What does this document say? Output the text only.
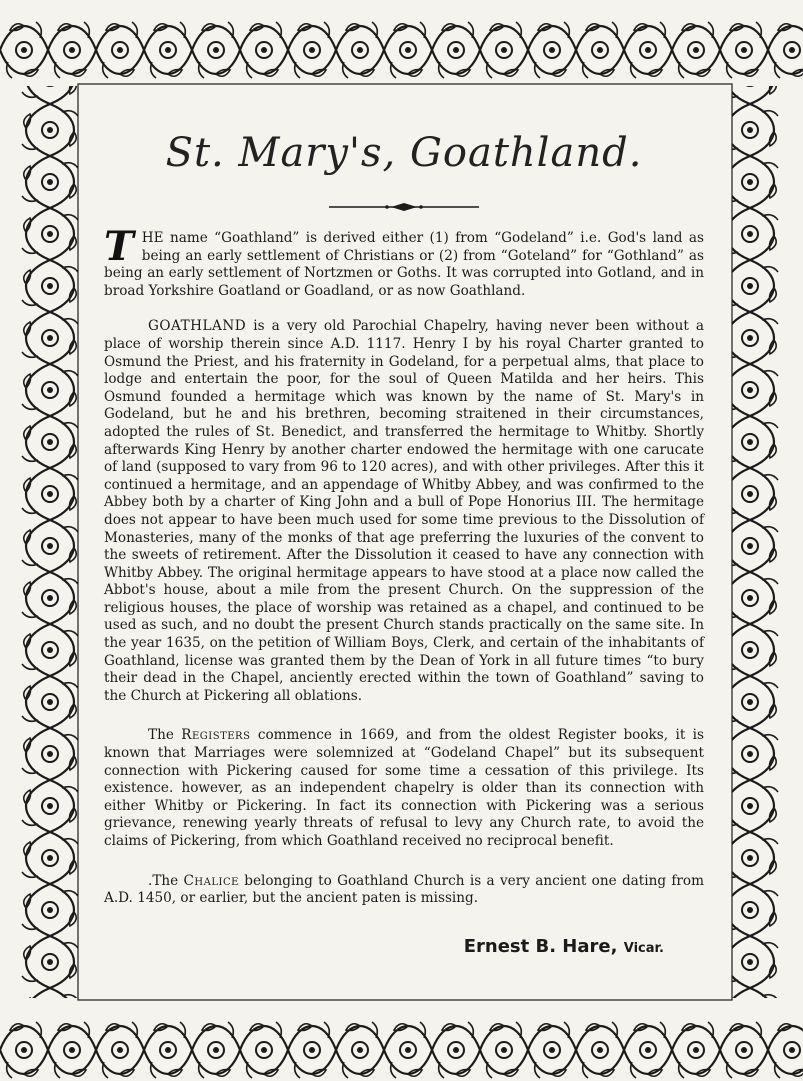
St. Mary's, Goathland.

THE name “Goathland” is derived either (1) from “Godeland” i.e. God's land as being an early settlement of Christians or (2) from “Goteland” for “Gothland” as being an early settlement of Nortzmen or Goths. It was corrupted into Gotland, and in broad Yorkshire Goatland or Goadland, or as now Goathland.

GOATHLAND is a very old Parochial Chapelry, having never been without a place of worship therein since A.D. 1117. Henry I by his royal Charter granted to Osmund the Priest, and his fraternity in Godeland, for a perpetual alms, that place to lodge and entertain the poor, for the soul of Queen Matilda and her heirs. This Osmund founded a hermitage which was known by the name of St. Mary's in Godeland, but he and his brethren, becoming straitened in their circumstances, adopted the rules of St. Benedict, and transferred the hermitage to Whitby. Shortly afterwards King Henry by another charter endowed the hermitage with one carucate of land (supposed to vary from 96 to 120 acres), and with other privileges. After this it continued a hermitage, and an appendage of Whitby Abbey, and was confirmed to the Abbey both by a charter of King John and a bull of Pope Honorius III. The hermitage does not appear to have been much used for some time previous to the Dissolution of Monasteries, many of the monks of that age preferring the luxuries of the convent to the sweets of retirement. After the Dissolution it ceased to have any connection with Whitby Abbey. The original hermitage appears to have stood at a place now called the Abbot's house, about a mile from the present Church. On the suppression of the religious houses, the place of worship was retained as a chapel, and continued to be used as such, and no doubt the present Church stands practically on the same site. In the year 1635, on the petition of William Boys, Clerk, and certain of the inhabitants of Goathland, license was granted them by the Dean of York in all future times “to bury their dead in the Chapel, anciently erected within the town of Goathland” saving to the Church at Pickering all oblations.

The Registers commence in 1669, and from the oldest Register books, it is known that Marriages were solemnized at “Godeland Chapel” but its subsequent connection with Pickering caused for some time a cessation of this privilege. Its existence. however, as an independent chapelry is older than its connection with either Whitby or Pickering. In fact its connection with Pickering was a serious grievance, renewing yearly threats of refusal to levy any Church rate, to avoid the claims of Pickering, from which Goathland received no reciprocal benefit.

.The Chalice belonging to Goathland Church is a very ancient one dating from A.D. 1450, or earlier, but the ancient paten is missing.

Ernest B. Hare, Vicar.
